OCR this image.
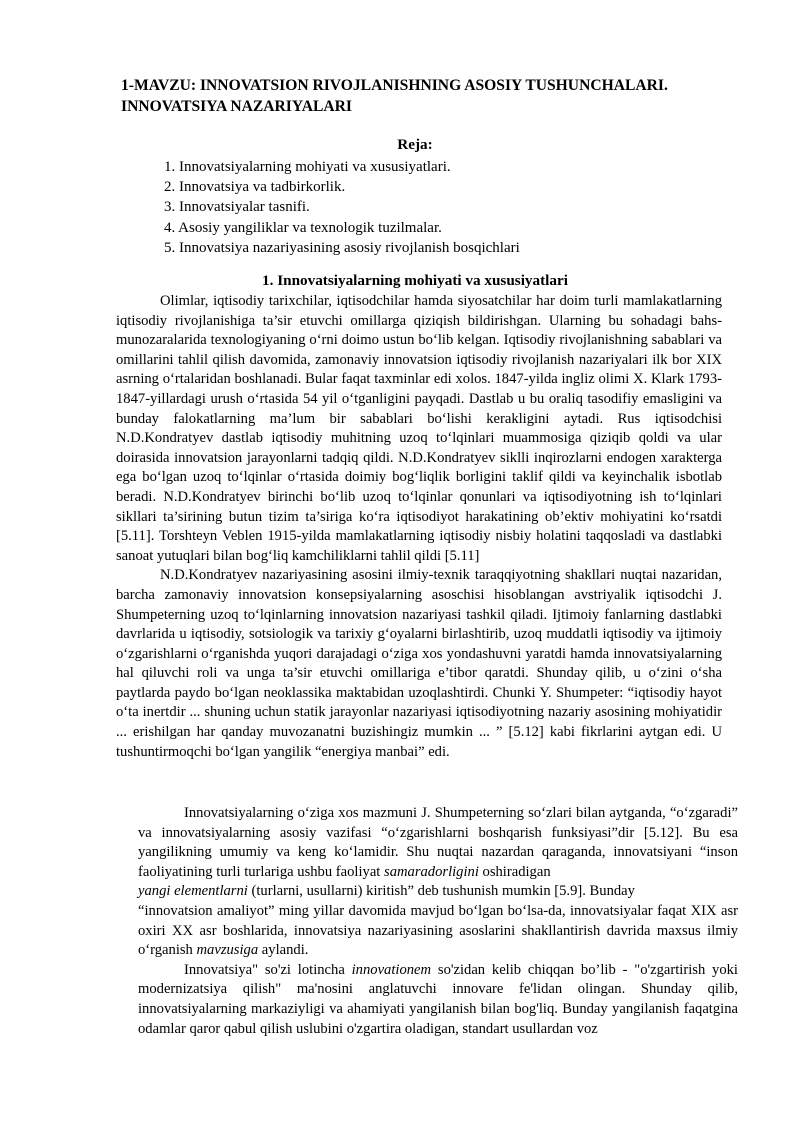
1-MAVZU: INNOVATSION RIVOJLANISHNING ASOSIY TUSHUNCHALARI. INNOVATSIYA NAZARIYALARI
Reja:
1. Innovatsiyalarning mohiyati va xususiyatlari.
2. Innovatsiya va tadbirkorlik.
3. Innovatsiyalar tasnifi.
4. Asosiy yangiliklar va texnologik tuzilmalar.
5. Innovatsiya nazariyasining asosiy rivojlanish bosqichlari
1. Innovatsiyalarning mohiyati va xususiyatlari

Olimlar, iqtisodiy tarixchilar, iqtisodchilar hamda siyosatchilar har doim turli mamlakatlarning iqtisodiy rivojlanishiga ta’sir etuvchi omillarga qiziqish bildirishgan. Ularning bu sohadagi bahs-munozaralarida texnologiyaning o‘rni doimo ustun bo‘lib kelgan. Iqtisodiy rivojlanishning sabablari va omillarini tahlil qilish davomida, zamonaviy innovatsion iqtisodiy rivojlanish nazariyalari ilk bor XIX asrning o‘rtalaridan boshlanadi. Bular faqat taxminlar edi xolos. 1847-yilda ingliz olimi X. Klark 1793-1847-yillardagi urush o‘rtasida 54 yil o‘tganligini payqadi. Dastlab u bu oraliq tasodifiy emasligini va bunday falokatlarning ma’lum bir sabablari bo‘lishi kerakligini aytadi. Rus iqtisodchisi N.D.Kondratyev dastlab iqtisodiy muhitning uzoq to‘lqinlari muammosiga qiziqib qoldi va ular doirasida innovatsion jarayonlarni tadqiq qildi. N.D.Kondratyev siklli inqirozlarni endogen xarakterga ega bo‘lgan uzoq to‘lqinlar o‘rtasida doimiy bog‘liqlik borligini taklif qildi va keyinchalik isbotlab beradi. N.D.Kondratyev birinchi bo‘lib uzoq to‘lqinlar qonunlari va iqtisodiyotning ish to‘lqinlari sikllari ta’sirining butun tizim ta’siriga ko‘ra iqtisodiyot harakatining ob’ektiv mohiyatini ko‘rsatdi [5.11]. Torshteyn Veblen 1915-yilda mamlakatlarning iqtisodiy nisbiy holatini taqqosladi va dastlabki sanoat yutuqlari bilan bog‘liq kamchiliklarni tahlil qildi [5.11]

N.D.Kondratyev nazariyasining asosini ilmiy-texnik taraqqiyotning shakllari nuqtai nazaridan, barcha zamonaviy innovatsion konsepsiyalarning asoschisi hisoblangan avstriyalik iqtisodchi J. Shumpeterning uzoq to‘lqinlarning innovatsion nazariyasi tashkil qiladi. Ijtimoiy fanlarning dastlabki davrlarida u iqtisodiy, sotsiologik va tarixiy g‘oyalarni birlashtirib, uzoq muddatli iqtisodiy va ijtimoiy o‘zgarishlarni o‘rganishda yuqori darajadagi o‘ziga xos yondashuvni yaratdi hamda innovatsiyalarning hal qiluvchi roli va unga ta’sir etuvchi omillariga e’tibor qaratdi. Shunday qilib, u o‘zini o‘sha paytlarda paydo bo‘lgan neoklassika maktabidan uzoqlashtirdi. Chunki Y. Shumpeter: “iqtisodiy hayot o‘ta inertdir ... shuning uchun statik jarayonlar nazariyasi iqtisodiyotning nazariy asosining mohiyatidir ... erishilgan har qanday muvozanatni buzishingiz mumkin ... ” [5.12] kabi fikrlarini aytgan edi. U tushuntirmoqchi bo‘lgan yangilik “energiya manbai” edi.

Innovatsiyalarning o‘ziga xos mazmuni J. Shumpeterning so‘zlari bilan aytganda, “o‘zgaradi” va innovatsiyalarning asosiy vazifasi “o‘zgarishlarni boshqarish funksiyasi”dir [5.12]. Bu esa yangilikning umumiy va keng ko‘lamidir. Shu nuqtai nazardan qaraganda, innovatsiyani “inson faoliyatining turli turlariga ushbu faoliyat samaradorligini oshiradigan
yangi elementlarni (turlarni, usullarni) kiritish” deb tushunish mumkin [5.9]. Bunday

“innovatsion amaliyot” ming yillar davomida mavjud bo‘lgan bo‘lsa-da, innovatsiyalar faqat XIX asr oxiri XX asr boshlarida, innovatsiya nazariyasining asoslarini shakllantirish davrida maxsus ilmiy o‘rganish mavzusiga aylandi.

Innovatsiya" so'zi lotincha innovationem so'zidan kelib chiqqan bo’lib - "o'zgartirish yoki modernizatsiya qilish" ma'nosini anglatuvchi innovare fe'lidan olingan. Shunday qilib, innovatsiyalarning markaziyligi va ahamiyati yangilanish bilan bog'liq. Bunday yangilanish faqatgina odamlar qaror qabul qilish uslubini o'zgartira oladigan, standart usullardan voz
